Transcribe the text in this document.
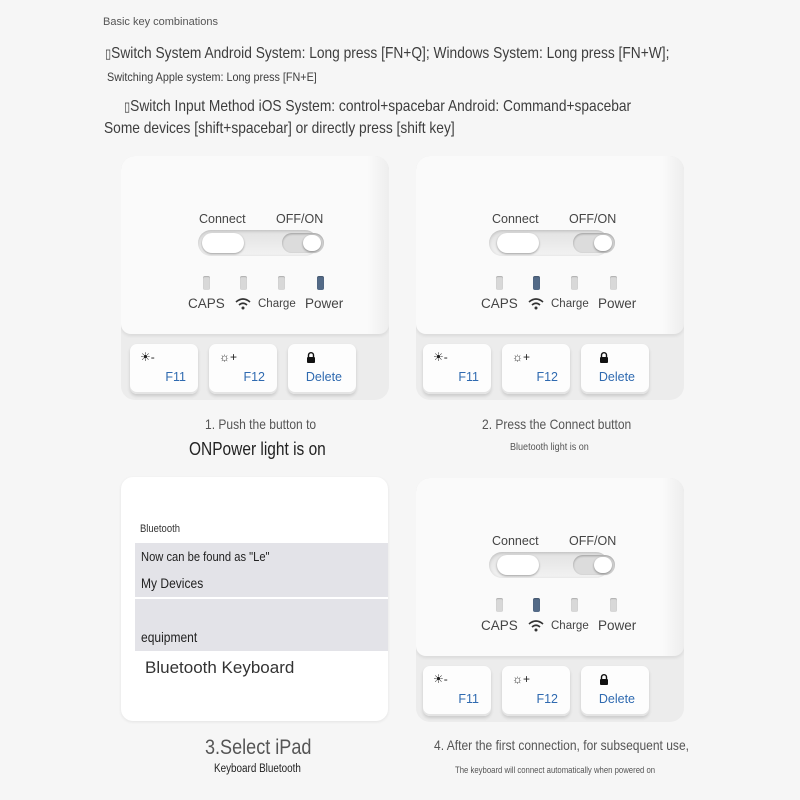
Basic key combinations
▯Switch System Android System: Long press [FN+Q]; Windows System: Long press [FN+W];
Switching Apple system: Long press [FN+E]
▯Switch Input Method iOS System: control+spacebar Android: Command+spacebar
Some devices [shift+spacebar] or directly press [shift key]
Connect OFF/ON
CAPS	Charge Power
☀-
F11
☼+
F12	Delete
1. Push the button to
ONPower light is on
Connect OFF/ON
CAPS	Charge Power
☀-
F11
☼+
F12	Delete
2. Press the Connect button
Bluetooth light is on
Bluetooth
Now can be found as "Le"
My Devices
equipment
Bluetooth Keyboard
3.Select iPad
Keyboard Bluetooth
Connect OFF/ON
CAPS	Charge Power
☀-
F11
☼+
F12	Delete
4. After the first connection, for subsequent use,
The keyboard will connect automatically when powered on
